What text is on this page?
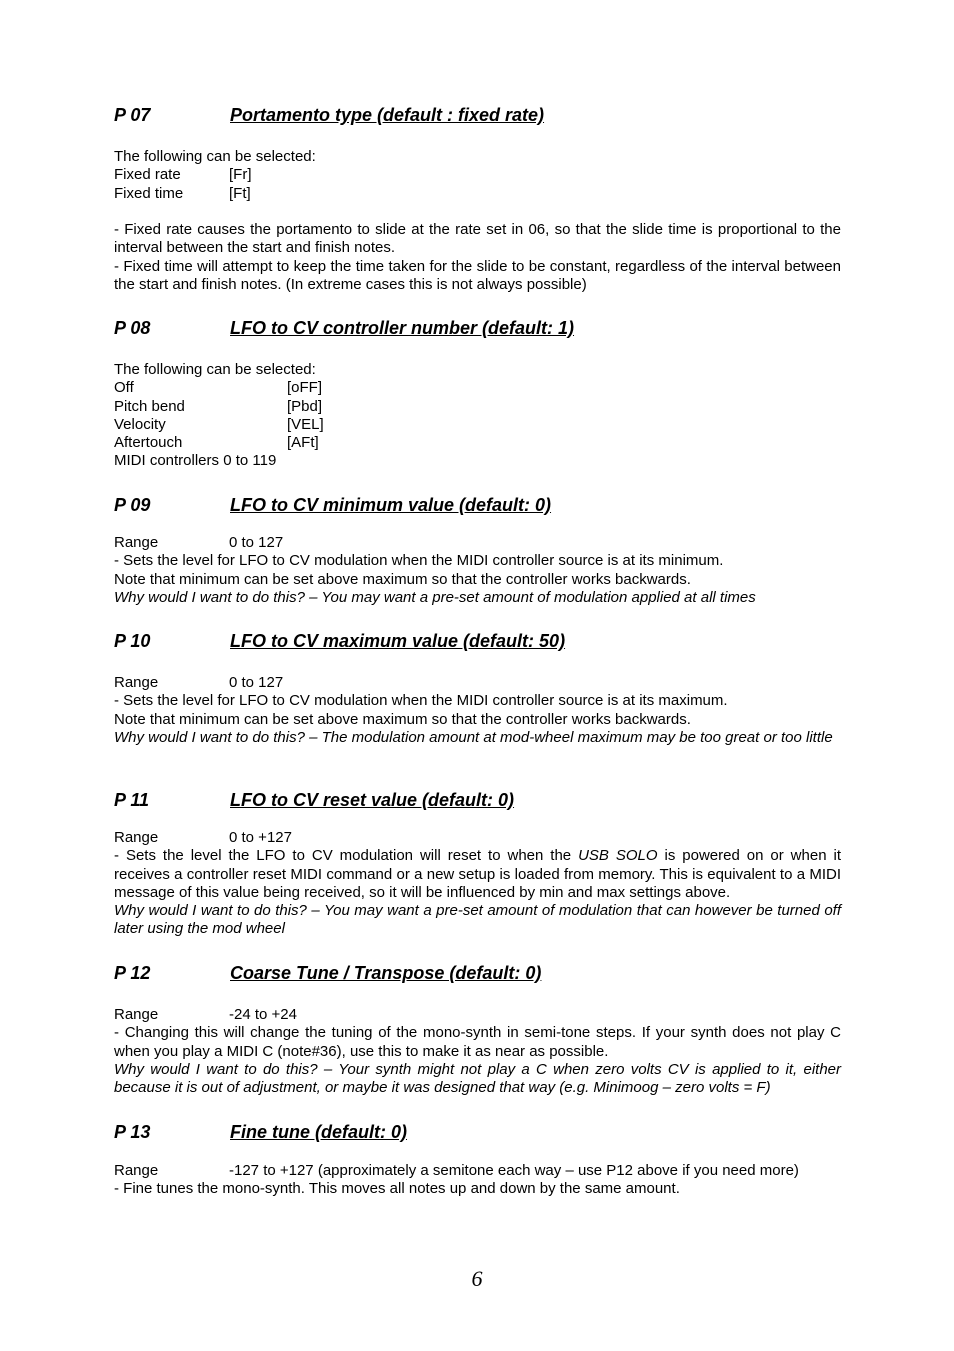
P 07	Portamento type (default : fixed rate)
The following can be selected:
Fixed rate	[Fr]
Fixed time	[Ft]
- Fixed rate causes the portamento to slide at the rate set in 06, so that the slide time is proportional to the interval between the start and finish notes.
- Fixed time will attempt to keep the time taken for the slide to be constant, regardless of the interval between the start and finish notes. (In extreme cases this is not always possible)
P 08	LFO to CV controller number (default: 1)
The following can be selected:
Off	[oFF]
Pitch bend	[Pbd]
Velocity	[VEL]
Aftertouch	[AFt]
MIDI controllers 0 to 119
P 09	LFO to CV minimum value (default: 0)
Range	0 to 127
- Sets the level for LFO to CV modulation when the MIDI controller source is at its minimum.
Note that minimum can be set above maximum so that the controller works backwards.
Why would I want to do this? – You may want a pre-set amount of modulation applied at all times
P 10	LFO to CV maximum value (default: 50)
Range	0 to 127
- Sets the level for LFO to CV modulation when the MIDI controller source is at its maximum.
Note that minimum can be set above maximum so that the controller works backwards.
Why would I want to do this? – The modulation amount at mod-wheel maximum may be too great or too little
P 11	LFO to CV reset value (default: 0)
Range	0 to +127
- Sets the level the LFO to CV modulation will reset to when the USB SOLO is powered on or when it receives a controller reset MIDI command or a new setup is loaded from memory. This is equivalent to a MIDI message of this value being received, so it will be influenced by min and max settings above.
Why would I want to do this? – You may want a pre-set amount of modulation that can however be turned off later using the mod wheel
P 12	Coarse Tune / Transpose (default: 0)
Range	-24 to +24
- Changing this will change the tuning of the mono-synth in semi-tone steps. If your synth does not play C when you play a MIDI C (note#36), use this to make it as near as possible.
Why would I want to do this? – Your synth might not play a C when zero volts CV is applied to it, either because it is out of adjustment, or maybe it was designed that way (e.g. Minimoog – zero volts = F)
P 13	Fine tune (default: 0)
Range	-127 to +127 (approximately a semitone each way – use P12 above if you need more)
- Fine tunes the mono-synth. This moves all notes up and down by the same amount.
6
